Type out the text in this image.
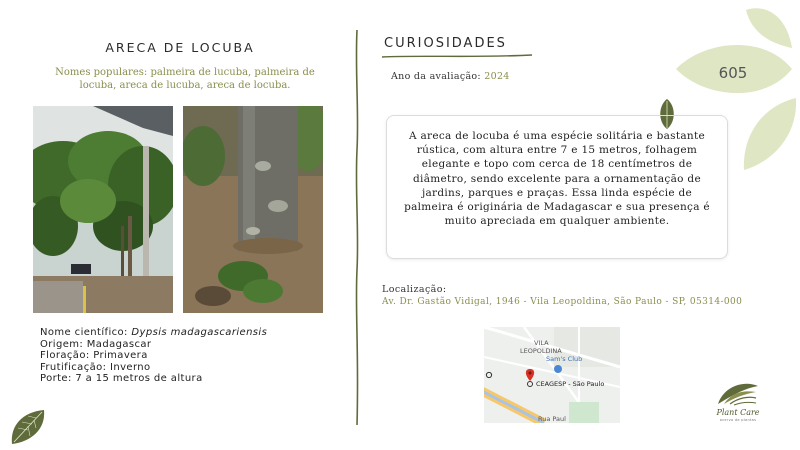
ARECA DE LOCUBA
Nomes populares: palmeira de lucuba, palmeira de locuba, areca de lucuba, areca de locuba.
Nome científico: Dypsis madagascariensis
Origem: Madagascar
Floração: Primavera
Frutificação: Inverno
Porte: 7 a 15 metros de altura
CURIOSIDADES
Ano da avaliação: 2024	605
A areca de locuba é uma espécie solitária e bastante rústica, com altura entre 7 e 15 metros, folhagem elegante e topo com cerca de 18 centímetros de diâmetro, sendo excelente para a ornamentação de jardins, parques e praças. Essa linda espécie de palmeira é originária de Madagascar e sua presença é muito apreciada em qualquer ambiente.
Localização:
Av. Dr. Gastão Vidigal, 1946 - Vila Leopoldina, São Paulo - SP, 05314-000
VILA
LEOPOLDINA
Sam's Club
CEAGESP - São Paulo
Rua Paul
Plant Care
acervo de plantas
